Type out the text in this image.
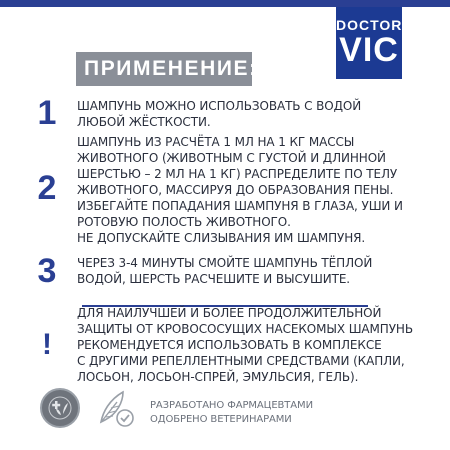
DOCTOR
VIC
ПРИМЕНЕНИЕ:
1	ШАМПУНЬ МОЖНО ИСПОЛЬЗОВАТЬ С ВОДОЙ
ЛЮБОЙ ЖЁСТКОСТИ.
2
ШАМПУНЬ ИЗ РАСЧЁТА 1 МЛ НА 1 КГ МАССЫ
ЖИВОТНОГО (ЖИВОТНЫМ С ГУСТОЙ И ДЛИННОЙ
ШЕРСТЬЮ – 2 МЛ НА 1 КГ) РАСПРЕДЕЛИТЕ ПО ТЕЛУ
ЖИВОТНОГО, МАССИРУЯ ДО ОБРАЗОВАНИЯ ПЕНЫ.
ИЗБЕГАЙТЕ ПОПАДАНИЯ ШАМПУНЯ В ГЛАЗА, УШИ И
РОТОВУЮ ПОЛОСТЬ ЖИВОТНОГО.
НЕ ДОПУСКАЙТЕ СЛИЗЫВАНИЯ ИМ ШАМПУНЯ.
3	ЧЕРЕЗ 3-4 МИНУТЫ СМОЙТЕ ШАМПУНЬ ТЁПЛОЙ
ВОДОЙ, ШЕРСТЬ РАСЧЕШИТЕ И ВЫСУШИТЕ.
!
ДЛЯ НАИЛУЧШЕЙ И БОЛЕЕ ПРОДОЛЖИТЕЛЬНОЙ
ЗАЩИТЫ ОТ КРОВОСОСУЩИХ НАСЕКОМЫХ ШАМПУНЬ
РЕКОМЕНДУЕТСЯ ИСПОЛЬЗОВАТЬ В КОМПЛЕКСЕ
С ДРУГИМИ РЕПЕЛЛЕНТНЫМИ СРЕДСТВАМИ (КАПЛИ,
ЛОСЬОН, ЛОСЬОН-СПРЕЙ, ЭМУЛЬСИЯ, ГЕЛЬ).
РАЗРАБОТАНО ФАРМАЦЕВТАМИ
ОДОБРЕНО ВЕТЕРИНАРАМИ
